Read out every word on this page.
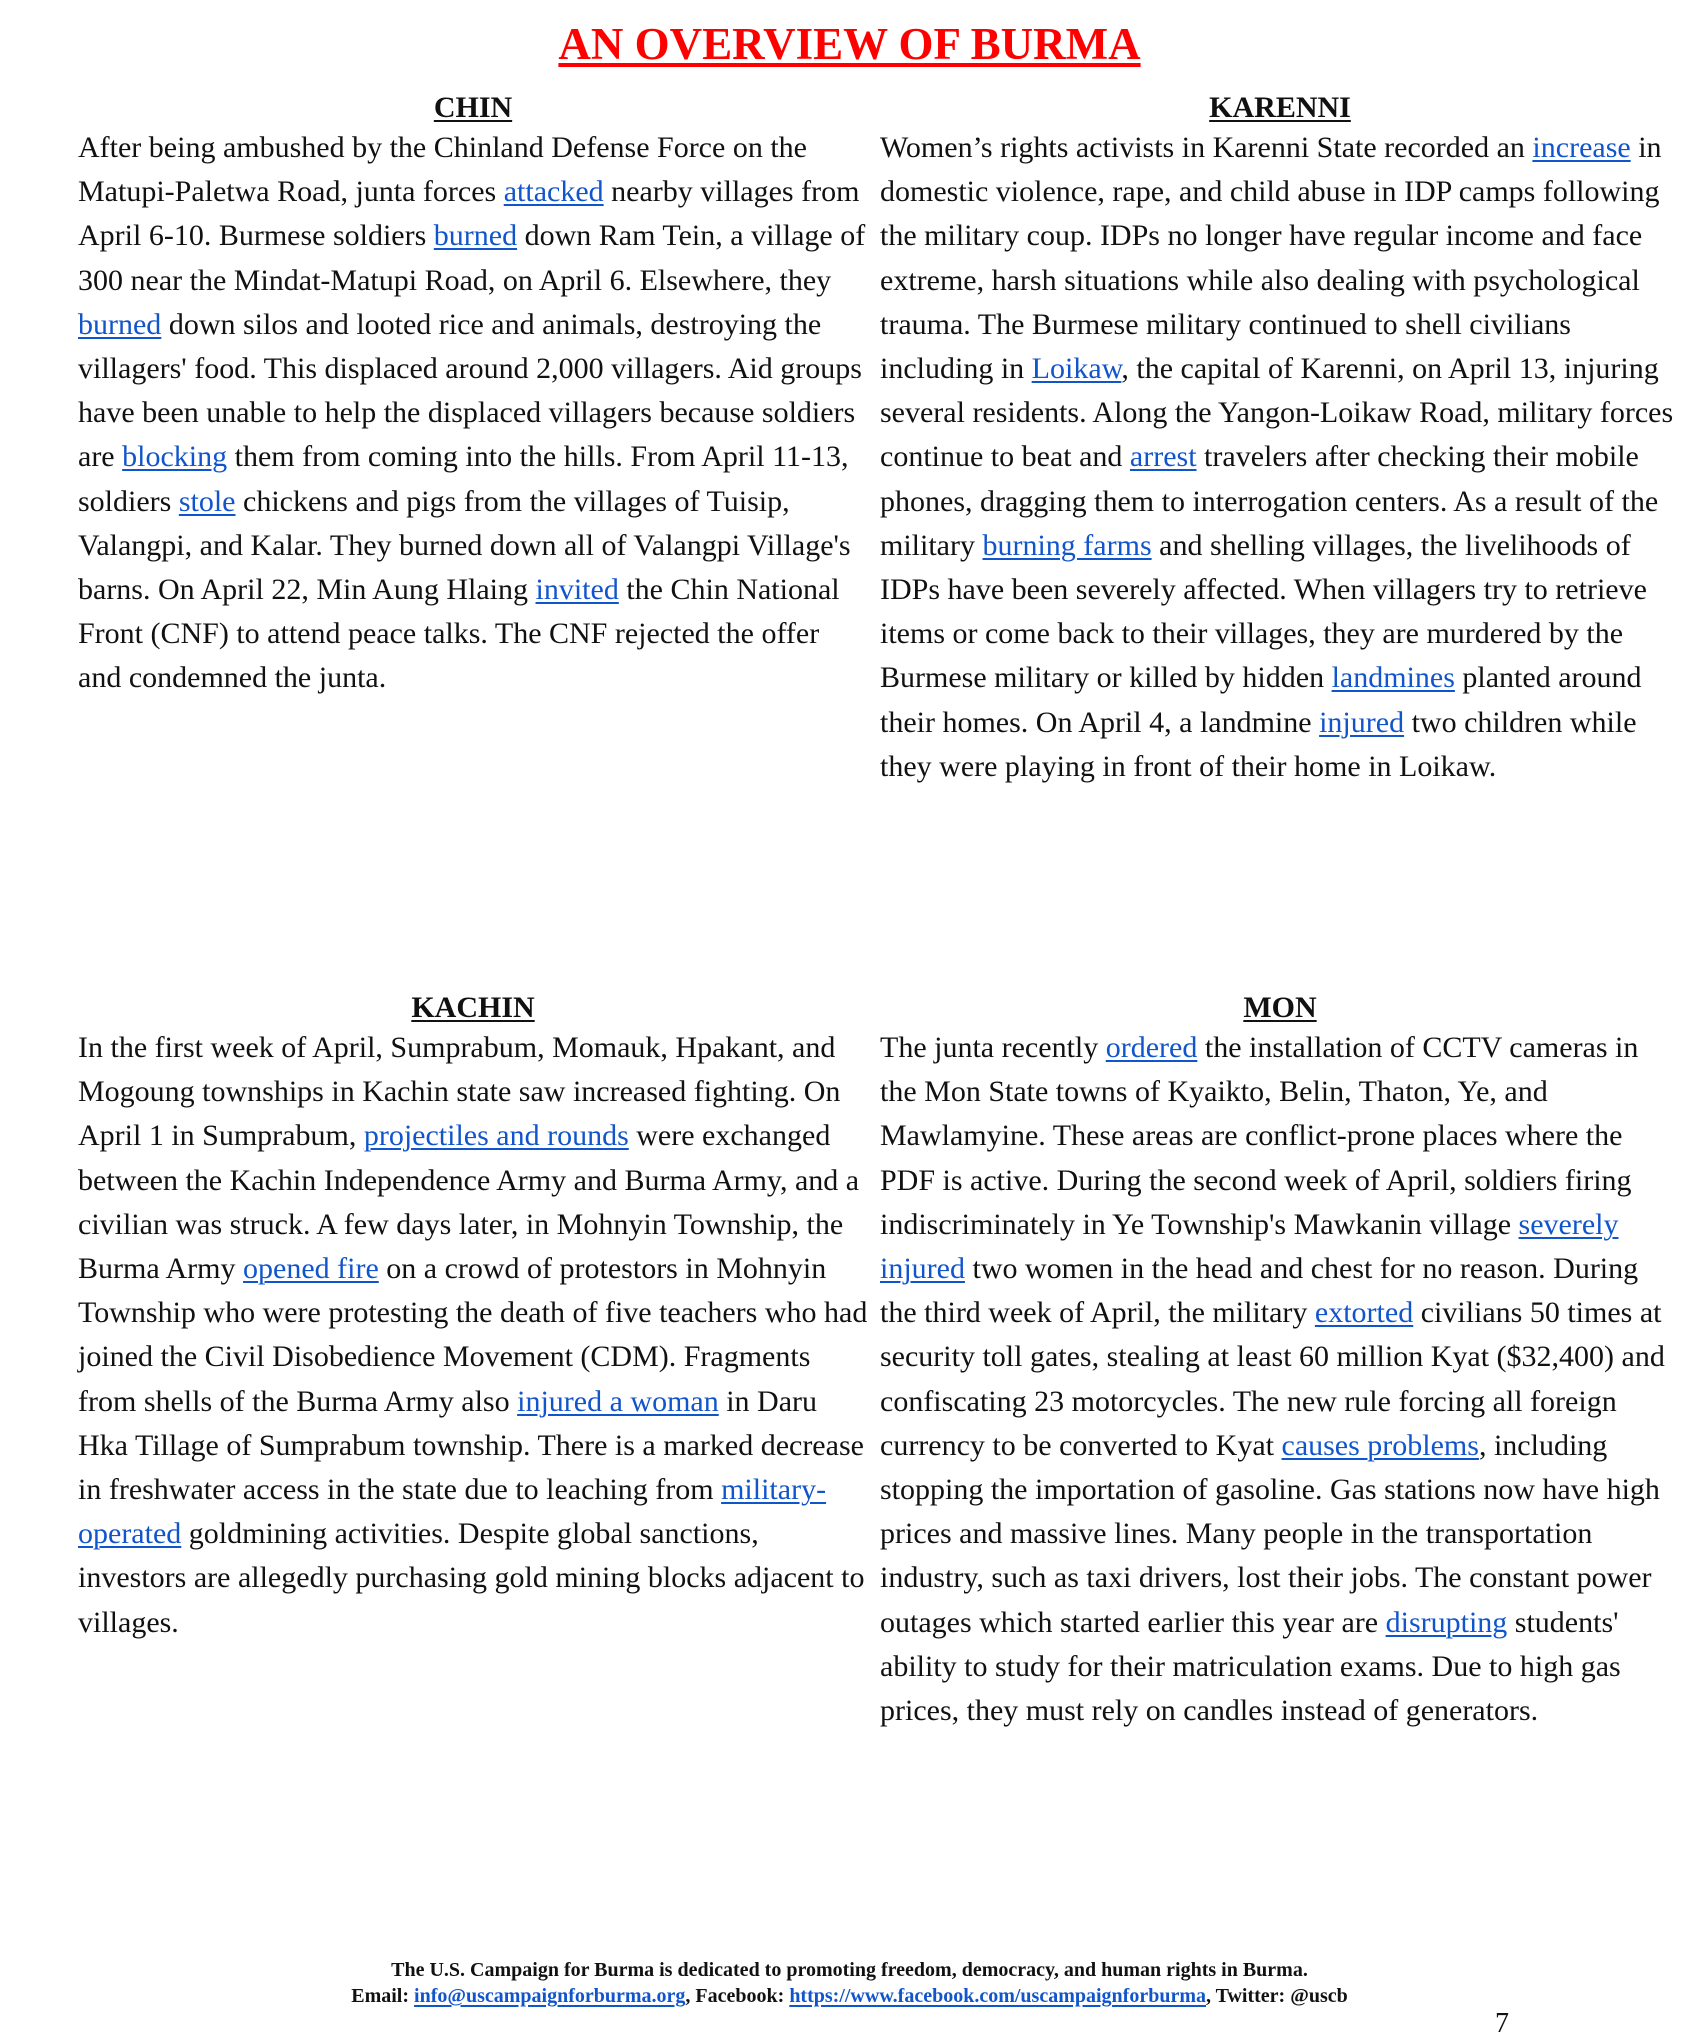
AN OVERVIEW OF BURMA
CHIN

After being ambushed by the Chinland Defense Force on the Matupi-Paletwa Road, junta forces attacked nearby villages from April 6-10. Burmese soldiers burned down Ram Tein, a village of 300 near the Mindat-Matupi Road, on April 6. Elsewhere, they burned down silos and looted rice and animals, destroying the villagers' food. This displaced around 2,000 villagers. Aid groups have been unable to help the displaced villagers because soldiers are blocking them from coming into the hills. From April 11-13, soldiers stole chickens and pigs from the villages of Tuisip, Valangpi, and Kalar. They burned down all of Valangpi Village's barns. On April 22, Min Aung Hlaing invited the Chin National Front (CNF) to attend peace talks. The CNF rejected the offer and condemned the junta.

KARENNI

Women’s rights activists in Karenni State recorded an increase in domestic violence, rape, and child abuse in IDP camps following the military coup. IDPs no longer have regular income and face extreme, harsh situations while also dealing with psychological trauma. The Burmese military continued to shell civilians including in Loikaw, the capital of Karenni, on April 13, injuring several residents. Along the Yangon-Loikaw Road, military forces continue to beat and arrest travelers after checking their mobile phones, dragging them to interrogation centers. As a result of the military burning farms and shelling villages, the livelihoods of IDPs have been severely affected. When villagers try to retrieve items or come back to their villages, they are murdered by the Burmese military or killed by hidden landmines planted around their homes. On April 4, a landmine injured two children while they were playing in front of their home in Loikaw.

KACHIN

In the first week of April, Sumprabum, Momauk, Hpakant, and Mogoung townships in Kachin state saw increased fighting. On April 1 in Sumprabum, projectiles and rounds were exchanged between the Kachin Independence Army and Burma Army, and a civilian was struck. A few days later, in Mohnyin Township, the Burma Army opened fire on a crowd of protestors in Mohnyin Township who were protesting the death of five teachers who had joined the Civil Disobedience Movement (CDM). Fragments from shells of the Burma Army also injured a woman in Daru Hka Tillage of Sumprabum township. There is a marked decrease in freshwater access in the state due to leaching from military-operated goldmining activities. Despite global sanctions, investors are allegedly purchasing gold mining blocks adjacent to villages.

MON

The junta recently ordered the installation of CCTV cameras in the Mon State towns of Kyaikto, Belin, Thaton, Ye, and Mawlamyine. These areas are conflict-prone places where the PDF is active. During the second week of April, soldiers firing indiscriminately in Ye Township's Mawkanin village severely injured two women in the head and chest for no reason. During the third week of April, the military extorted civilians 50 times at security toll gates, stealing at least 60 million Kyat ($32,400) and confiscating 23 motorcycles. The new rule forcing all foreign currency to be converted to Kyat causes problems, including stopping the importation of gasoline. Gas stations now have high prices and massive lines. Many people in the transportation industry, such as taxi drivers, lost their jobs. The constant power outages which started earlier this year are disrupting students' ability to study for their matriculation exams. Due to high gas prices, they must rely on candles instead of generators.

The U.S. Campaign for Burma is dedicated to promoting freedom, democracy, and human rights in Burma.
Email: info@uscampaignforburma.org, Facebook: https://www.facebook.com/uscampaignforburma, Twitter: @uscb
7
